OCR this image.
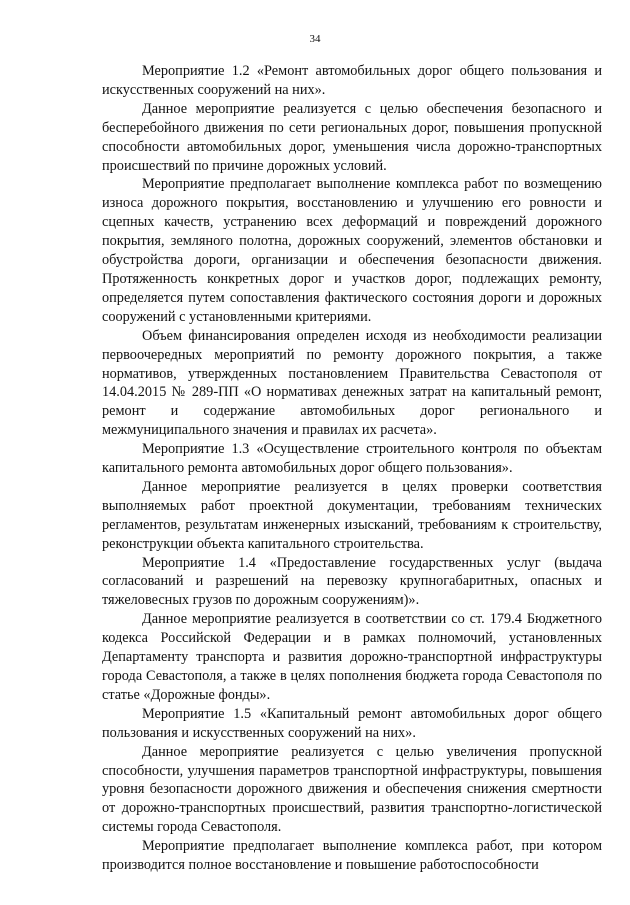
34

Мероприятие 1.2 «Ремонт автомобильных дорог общего пользования и искусственных сооружений на них».

Данное мероприятие реализуется с целью обеспечения безопасного и бесперебойного движения по сети региональных дорог, повышения пропускной способности автомобильных дорог, уменьшения числа дорожно-транспортных происшествий по причине дорожных условий.

Мероприятие предполагает выполнение комплекса работ по возмещению износа дорожного покрытия, восстановлению и улучшению его ровности и сцепных качеств, устранению всех деформаций и повреждений дорожного покрытия, земляного полотна, дорожных сооружений, элементов обстановки и обустройства дороги, организации и обеспечения безопасности движения. Протяженность конкретных дорог и участков дорог, подлежащих ремонту, определяется путем сопоставления фактического состояния дороги и дорожных сооружений с установленными критериями.

Объем финансирования определен исходя из необходимости реализации первоочередных мероприятий по ремонту дорожного покрытия, а также нормативов, утвержденных постановлением Правительства Севастополя от 14.04.2015 № 289-ПП «О нормативах денежных затрат на капитальный ремонт, ремонт и содержание автомобильных дорог регионального и межмуниципального значения и правилах их расчета».

Мероприятие 1.3 «Осуществление строительного контроля по объектам капитального ремонта автомобильных дорог общего пользования».

Данное мероприятие реализуется в целях проверки соответствия выполняемых работ проектной документации, требованиям технических регламентов, результатам инженерных изысканий, требованиям к строительству, реконструкции объекта капитального строительства.

Мероприятие 1.4 «Предоставление государственных услуг (выдача согласований и разрешений на перевозку крупногабаритных, опасных и тяжеловесных грузов по дорожным сооружениям)».

Данное мероприятие реализуется в соответствии со ст. 179.4 Бюджетного кодекса Российской Федерации и в рамках полномочий, установленных Департаменту транспорта и развития дорожно-транспортной инфраструктуры города Севастополя, а также в целях пополнения бюджета города Севастополя по статье «Дорожные фонды».

Мероприятие 1.5 «Капитальный ремонт автомобильных дорог общего пользования и искусственных сооружений на них».

Данное мероприятие реализуется с целью увеличения пропускной способности, улучшения параметров транспортной инфраструктуры, повышения уровня безопасности дорожного движения и обеспечения снижения смертности от дорожно-транспортных происшествий, развития транспортно-логистической системы города Севастополя.

Мероприятие предполагает выполнение комплекса работ, при котором производится полное восстановление и повышение работоспособности
